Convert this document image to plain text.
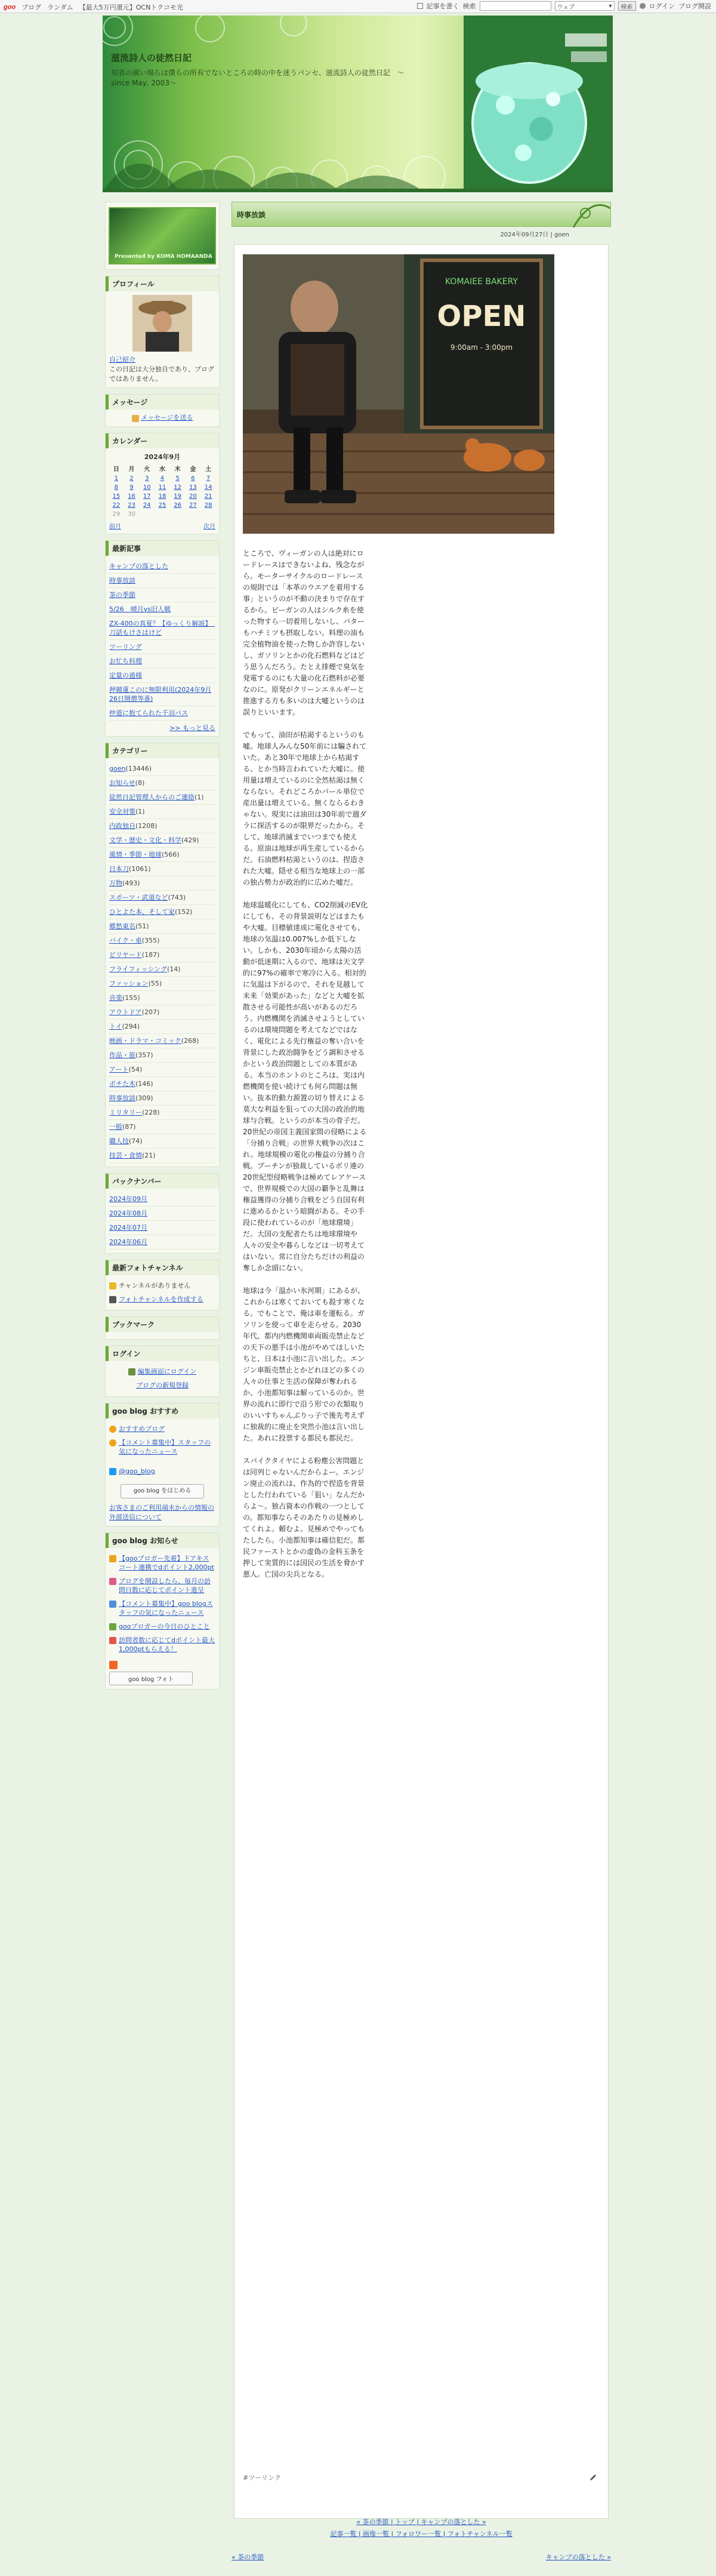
goo ブログ ランダム 【最大5万円還元】OCNトクコモ光	記事を書く 検索	ウェブ	▾	検索	ログイン ブログ開設
滋流詩人の徒然日記
知者の風い場らは僕らの所有でないところの時の中を迷うパンセ、滋流詩人の徒然日記　〜since May, 2003〜
Presented by KOMA HOMAANDA
プロフィール
自己紹介
この日記は大分独自であり、プログではありません。
メッセージ
メッセージを送る
カレンダー
2024年9月
日	月	火	水	木	金	土
1	2	3	4	5	6	7
8	9	10	11	12	13	14
15	16	17	18	19	20	21
22	23	24	25	26	27	28
29	30					
前月	次月
最新記事
キャンプの落とした
時事放談
茶の季節
5/26　晴月vs旧人戦
ZX-400の真夏？【ゆっくり解説】　刀話もけさはけど
ツーリング
お忙ち料理
定量の過様
押競蓮このに無限利用(2024年9月26日開僧等番)
仲道に抱てられた千羽パス
>> もっと見る
カテゴリー
goen(13446)
お知らせ(8)
徒然日記管理人からのご連絡(1)
安全対策(1)
内政独自(1208)
文学・歴史・文化・科学(429)
風情・季節・地球(566)
日本刀(1061)
万物(493)
スポーツ・武道など(743)
ひとよた本、そして家(152)
郷愁東名(51)
バイク・車(355)
ビリヤード(187)
フライフィッシング(14)
ファッション(55)
音楽(155)
アウトドア(207)
トイ(294)
映画・ドラマ・コミック(268)
作品・旅(357)
アート(54)
ポチた木(146)
時事放談(309)
ミリタリー(228)
一般(87)
職人技(74)
技芸・食情(21)
バックナンバー
2024年09月
2024年08月
2024年07月
2024年06月
最新フォトチャンネル
チャンネルがありません
フォトチャンネルを作成する
ブックマーク
ログイン
編集画面にログイン
ブログの新規登録
goo blog おすすめ
おすすめブログ
【コメント募集中】スタッフの気になったニュース
@goo_blog
goo blog をはじめる
お客さまのご利用端末からの情報の外部送信について
goo blog お知らせ
【gooブロガー先着】ドアキスコート連携でdポイント2,000pt
ブログを開設したら、毎月の訪問日数に応じてポイント進呈
【コメント募集中】goo blogスタッフの気になったニュース
gooブロガーの今日のひとこと
訪問者数に応じてdポイント最大1,000ptもらえる！
goo blog フォト
時事放談
2024年09月27日 | goen
KOMAIEE BAKERY
OPEN
9:00am - 3:00pm

ところで、ヴィーガンの人は絶対にロードレースはできないよね、残念ながら。モーターサイクルのロードレースの規則では「本革のウエアを着用する事」というのが不動の決まりで存在するから。ビーガンの人はシルク糸を使った物すら一切着用しないし、バターもハチミツも摂取しない。料理の油も完全植物油を使った物しか許容しないし、ガソリンとかの化石燃料などはどう思うんだろう。たとえ排煙で臭気を発電するのにも大量の化石燃料が必要なのに。原発がクリーンエネルギーと推進する方も多いのは大嘘というのは誤りといいます。

でもって、油田が枯渇するというのも嘘。地球人みんな50年前には騙されていた。あと30年で地球上から枯渇する、とか当時言われていた大嘘に。使用量は増えているのに全然枯渇は無くならない。それどころかバール単位で産出量は増えている。無くならるわきゃない。現実には油田は30年前で週ダラに探活するのが限界だったから。そして、地球消滅までいつまでも使える。原油は地球が再生産しているからだ。石油燃料枯渇というのは、捏造された大嘘。隠せる相当な地球上の一部の独占勢力が政治的に広めた嘘だ。

地球温暖化にしても、CO2削減のEV化にしても、その背景説明などはまたもや大嘘。目標値達成に電化させても、地球の気温は0.007%しか低下しない。しかも、2030年頃から太陽の活動が低迷期に入るので、地球は天文学的に97%の確率で寒冷に入る。相対的に気温は下がるので、それを見越して未来「効果があった」などと大嘘を拡散させる可能性が高いがあるのだろう。内燃機関を消滅させようとしているのは環境問題を考えてなどではなく、電化による先行権益の奪い合いを背景にした政治闘争をどう調和させるかという政治問題としての本質がある。本当のホントのところは、実は内燃機関を使い続けても何ら問題は無い。抜本的動力源置の切り替えによる莫大な利益を狙っての大国の政治的地球与合戦。というのが本当の骨子だ。20世紀の帝国主義国家間の侵略による「分捕り合戦」の世界大戦争の次はこれ。地球規模の電化の権益の分捕り合戦。プーチンが独裁しているボリ連の20世紀型侵略戦争は極めてレアケースで、世界規模での大国の覇争と乱舞は権益獲得の分捕り合戦をどう自国有利に進めるかという暗闘がある。その手段に使われているのが「地球環境」だ。大国の支配者たちは地球環境や人々の安全や暮らしなどは一切考えてはいない。常に自分たちだけの利益の奪しか念頭にない。

地球は今「温かい氷河期」にあるが、これからは寒くておいても殺す寒くなる。でもことで、俺は車を運転る。ガソリンを使って車を走らせる。2030年代、都内内燃機関車両販売禁止などの天下の悪手は小池がやめてほしいたちと、日本は小池に言い出した。エンジン車販売禁止とかどれほどの多くの人々の仕事と生活の保障が奪われるか、小池都知事は解っているのか。世界の流れに即行で沿う形での衣類取りのいいすちゃんぶりっ子で後先考えずに独裁的に廃止を突然小池は言い出した。あれに投票する都民も都民だ。

スパイクタイヤによる粉塵公害問題とは同列じゃないんだからよー。エンジン廃止の流れは、作為的で捏造を背景とした行われている「狙い」なんだからよ〜。独占資本の作戦の一つとしての。都知事ならそのあたりの見極めしてくれよ。頼むよ。見極めでやってもたしたら。小池都知事は確信犯だ。都民ファーストとかの虚偽の金科玉条を押して実質的には国民の生活を脅かす悪人。亡国の尖兵となる。

#ツーリンク
« 茶の季節 | トップ | キャンプの落とした »
記事一覧 | 画像一覧 | フォロワー一覧 | フォトチャンネル一覧
« 茶の季節	キャンプの落とした »
